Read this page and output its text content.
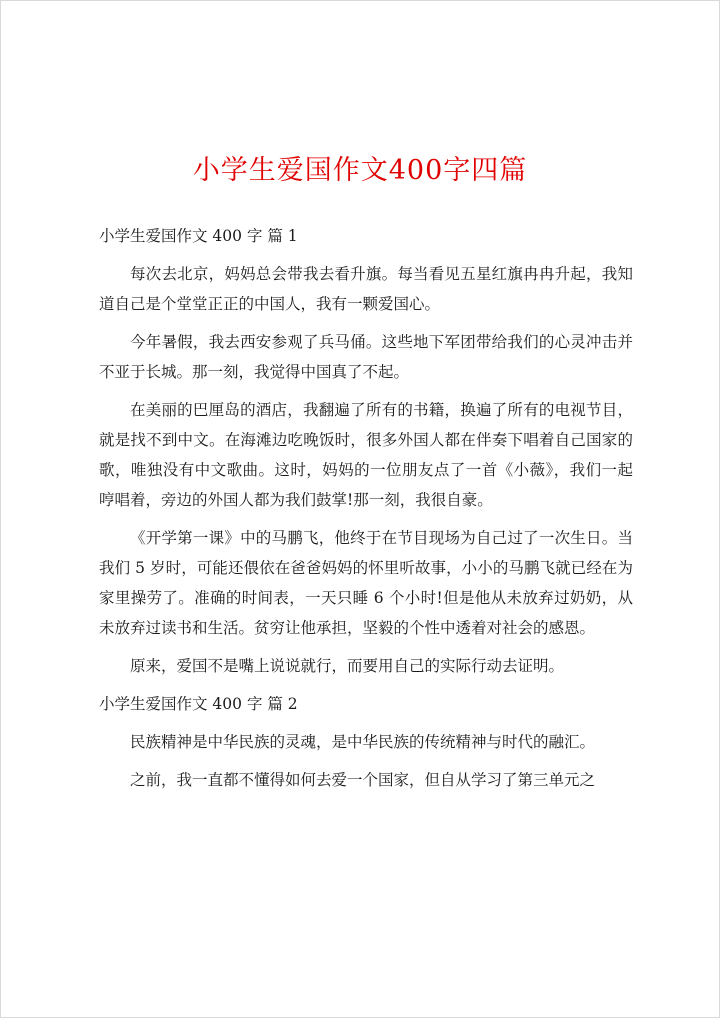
小学生爱国作文400字四篇

小学生爱国作文 400 字 篇 1

每次去北京，妈妈总会带我去看升旗。每当看见五星红旗冉冉升起，我知道自己是个堂堂正正的中国人，我有一颗爱国心。

今年暑假，我去西安参观了兵马俑。这些地下军团带给我们的心灵冲击并不亚于长城。那一刻，我觉得中国真了不起。

在美丽的巴厘岛的酒店，我翻遍了所有的书籍，换遍了所有的电视节目，就是找不到中文。在海滩边吃晚饭时，很多外国人都在伴奏下唱着自己国家的歌，唯独没有中文歌曲。这时，妈妈的一位朋友点了一首《小薇》，我们一起哼唱着，旁边的外国人都为我们鼓掌!那一刻，我很自豪。

《开学第一课》中的马鹏飞，他终于在节目现场为自己过了一次生日。当我们 5 岁时，可能还偎依在爸爸妈妈的怀里听故事，小小的马鹏飞就已经在为家里操劳了。准确的时间表，一天只睡 6 个小时!但是他从未放弃过奶奶，从未放弃过读书和生活。贫穷让他承担，坚毅的个性中透着对社会的感恩。

原来，爱国不是嘴上说说就行，而要用自己的实际行动去证明。

小学生爱国作文 400 字 篇 2

民族精神是中华民族的灵魂，是中华民族的传统精神与时代的融汇。

之前，我一直都不懂得如何去爱一个国家，但自从学习了第三单元之
